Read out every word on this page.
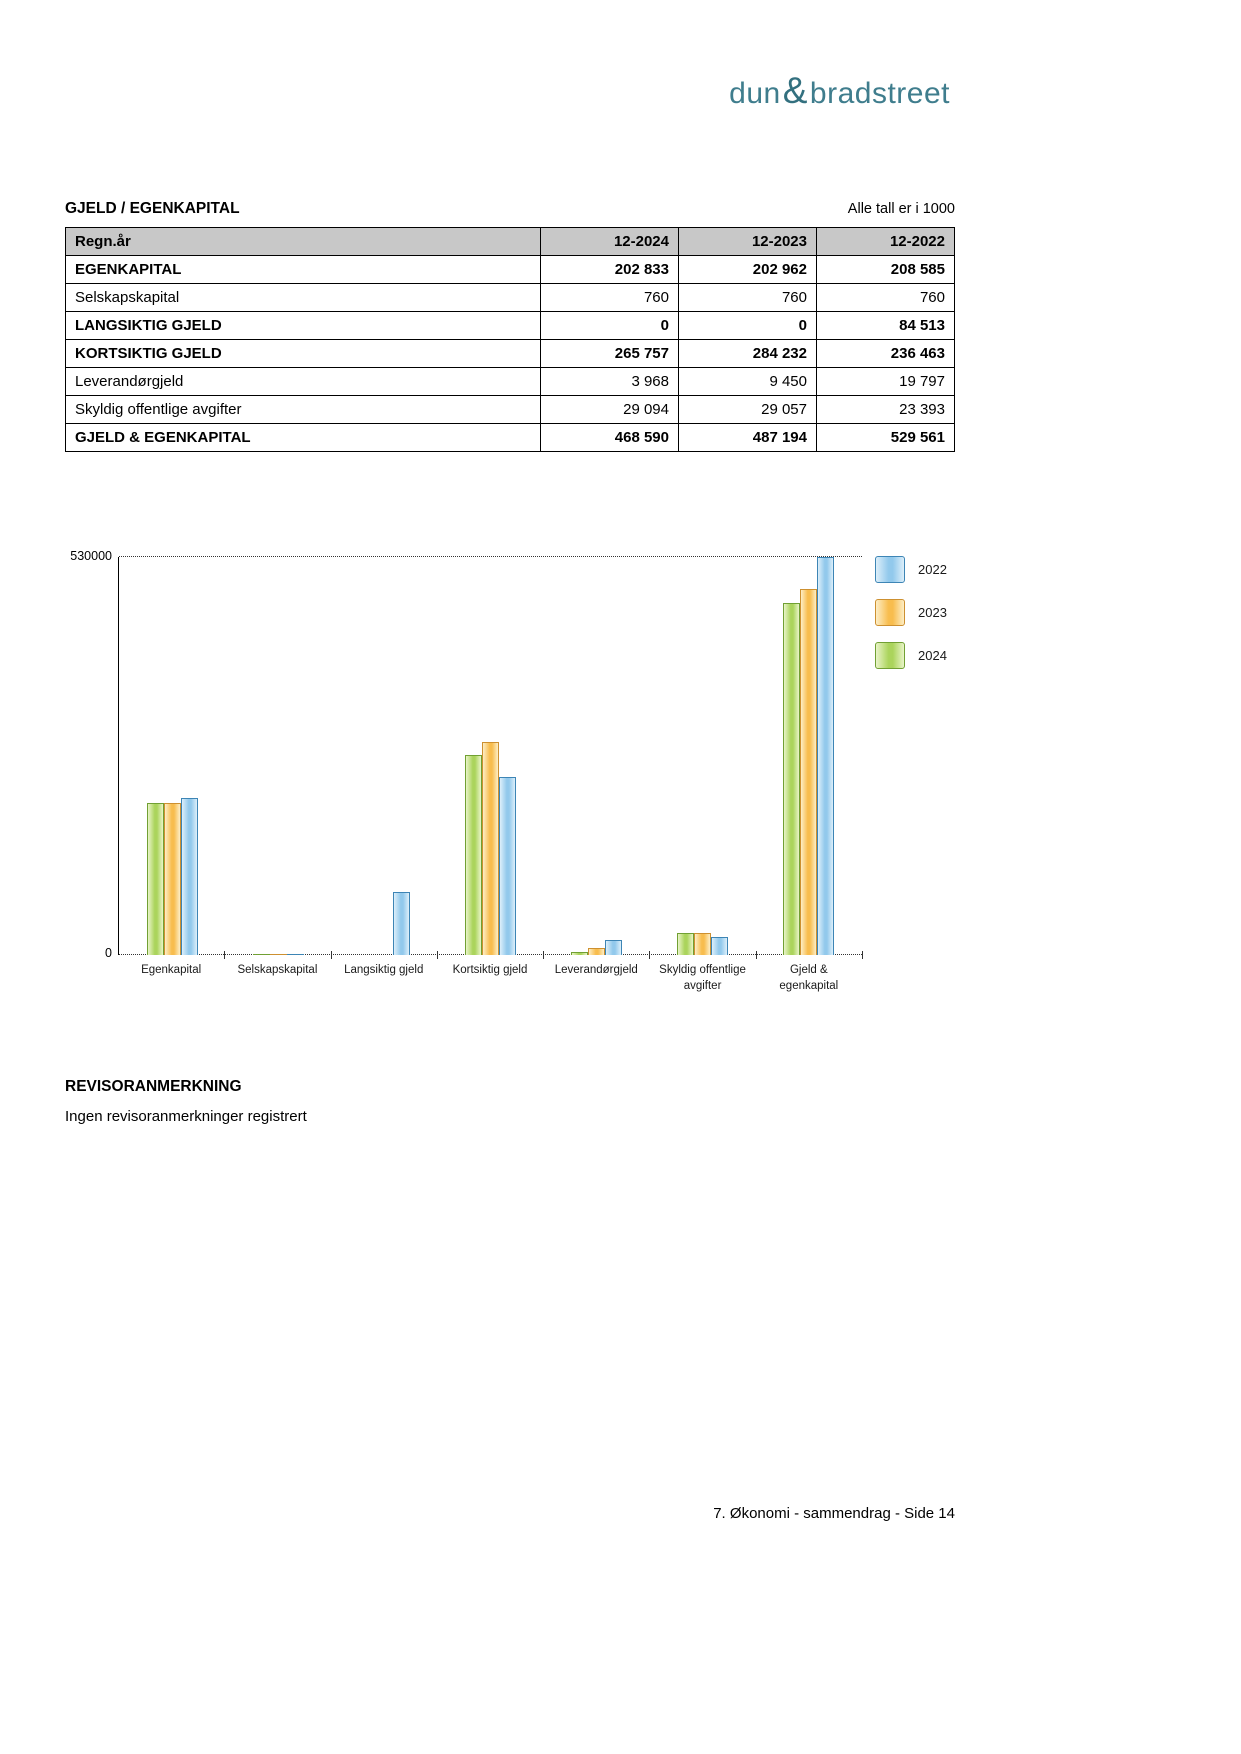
dun&bradstreet
GJELD / EGENKAPITAL	Alle tall er i 1000
Regn.år	12-2024	12-2023	12-2022
EGENKAPITAL	202 833	202 962	208 585
Selskapskapital	760	760	760
LANGSIKTIG GJELD	0	0	84 513
KORTSIKTIG GJELD	265 757	284 232	236 463
Leverandørgjeld	3 968	9 450	19 797
Skyldig offentlige avgifter	29 094	29 057	23 393
GJELD & EGENKAPITAL	468 590	487 194	529 561
530000
0
Egenkapital	Selskapskapital	Langsiktig gjeld	Kortsiktig gjeld	Leverandørgjeld	Skyldig offentlige avgifter
Gjeld & egenkapital
2022
2023
2024
REVISORANMERKNING
Ingen revisoranmerkninger registrert
7. Økonomi - sammendrag - Side 14
